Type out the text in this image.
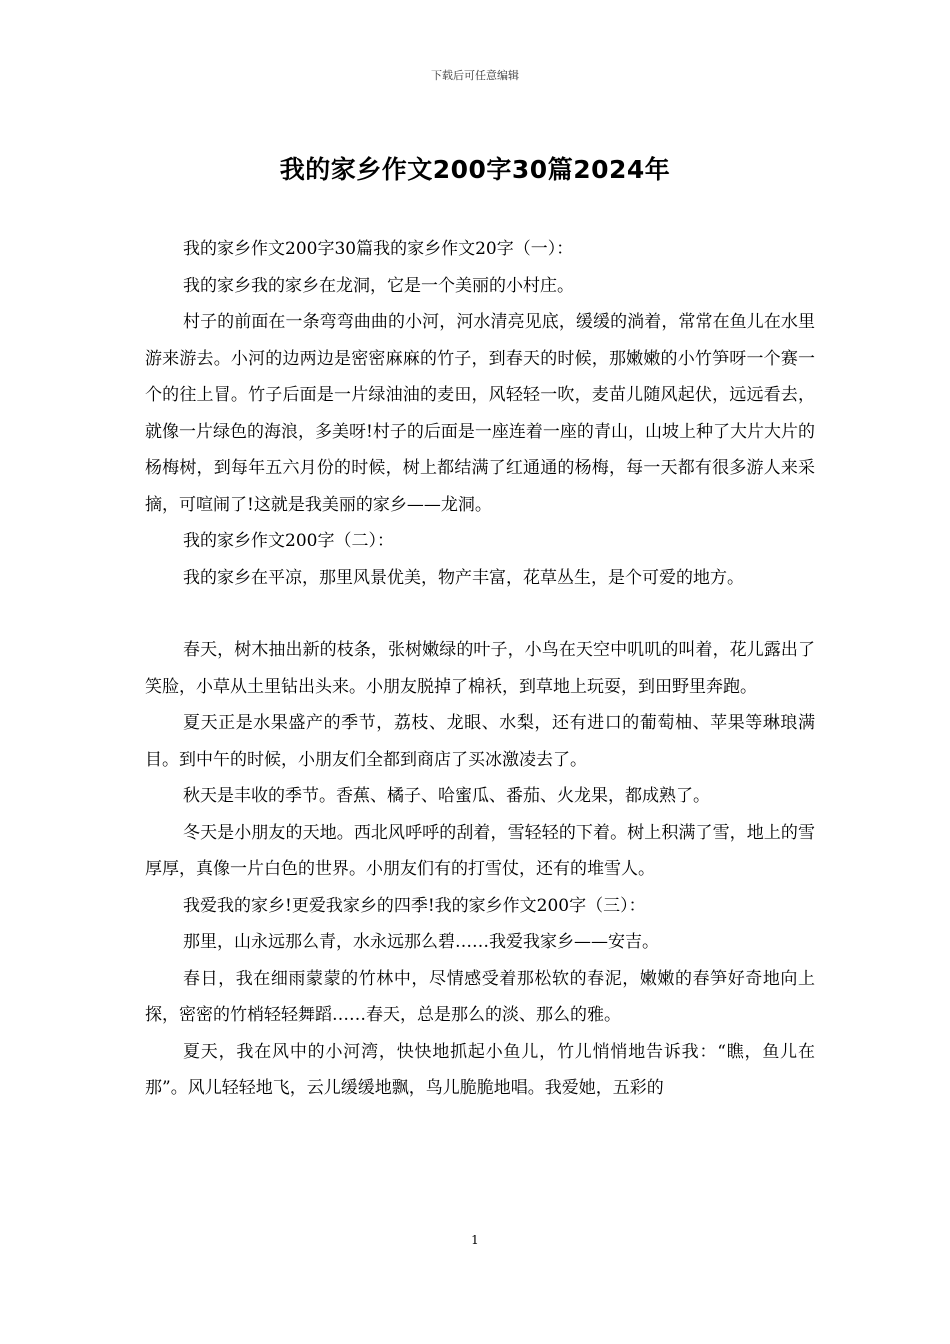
下载后可任意编辑
我的家乡作文200字30篇2024年

我的家乡作文200字30篇我的家乡作文20字（一）：

我的家乡我的家乡在龙洞，它是一个美丽的小村庄。

村子的前面在一条弯弯曲曲的小河，河水清亮见底，缓缓的淌着，常常在鱼儿在水里游来游去。小河的边两边是密密麻麻的竹子，到春天的时候，那嫩嫩的小竹笋呀一个赛一个的往上冒。竹子后面是一片绿油油的麦田，风轻轻一吹，麦苗儿随风起伏，远远看去，就像一片绿色的海浪，多美呀!村子的后面是一座连着一座的青山，山坡上种了大片大片的杨梅树，到每年五六月份的时候，树上都结满了红通通的杨梅，每一天都有很多游人来采摘，可喧闹了!这就是我美丽的家乡——龙洞。

我的家乡作文200字（二）：

我的家乡在平凉，那里风景优美，物产丰富，花草丛生，是个可爱的地方。

春天，树木抽出新的枝条，张树嫩绿的叶子，小鸟在天空中叽叽的叫着，花儿露出了笑脸，小草从土里钻出头来。小朋友脱掉了棉袄，到草地上玩耍，到田野里奔跑。

夏天正是水果盛产的季节，荔枝、龙眼、水梨，还有进口的葡萄柚、苹果等琳琅满目。到中午的时候，小朋友们全都到商店了买冰激凌去了。

秋天是丰收的季节。香蕉、橘子、哈蜜瓜、番茄、火龙果，都成熟了。

冬天是小朋友的天地。西北风呼呼的刮着，雪轻轻的下着。树上积满了雪，地上的雪厚厚，真像一片白色的世界。小朋友们有的打雪仗，还有的堆雪人。

我爱我的家乡!更爱我家乡的四季!我的家乡作文200字（三）：

那里，山永远那么青，水永远那么碧……我爱我家乡——安吉。

春日，我在细雨蒙蒙的竹林中，尽情感受着那松软的春泥，嫩嫩的春笋好奇地向上探，密密的竹梢轻轻舞蹈……春天，总是那么的淡、那么的雅。

夏天，我在风中的小河湾，快快地抓起小鱼儿，竹儿悄悄地告诉我：“瞧，鱼儿在那”。风儿轻轻地飞，云儿缓缓地飘，鸟儿脆脆地唱。我爱她，五彩的

1
